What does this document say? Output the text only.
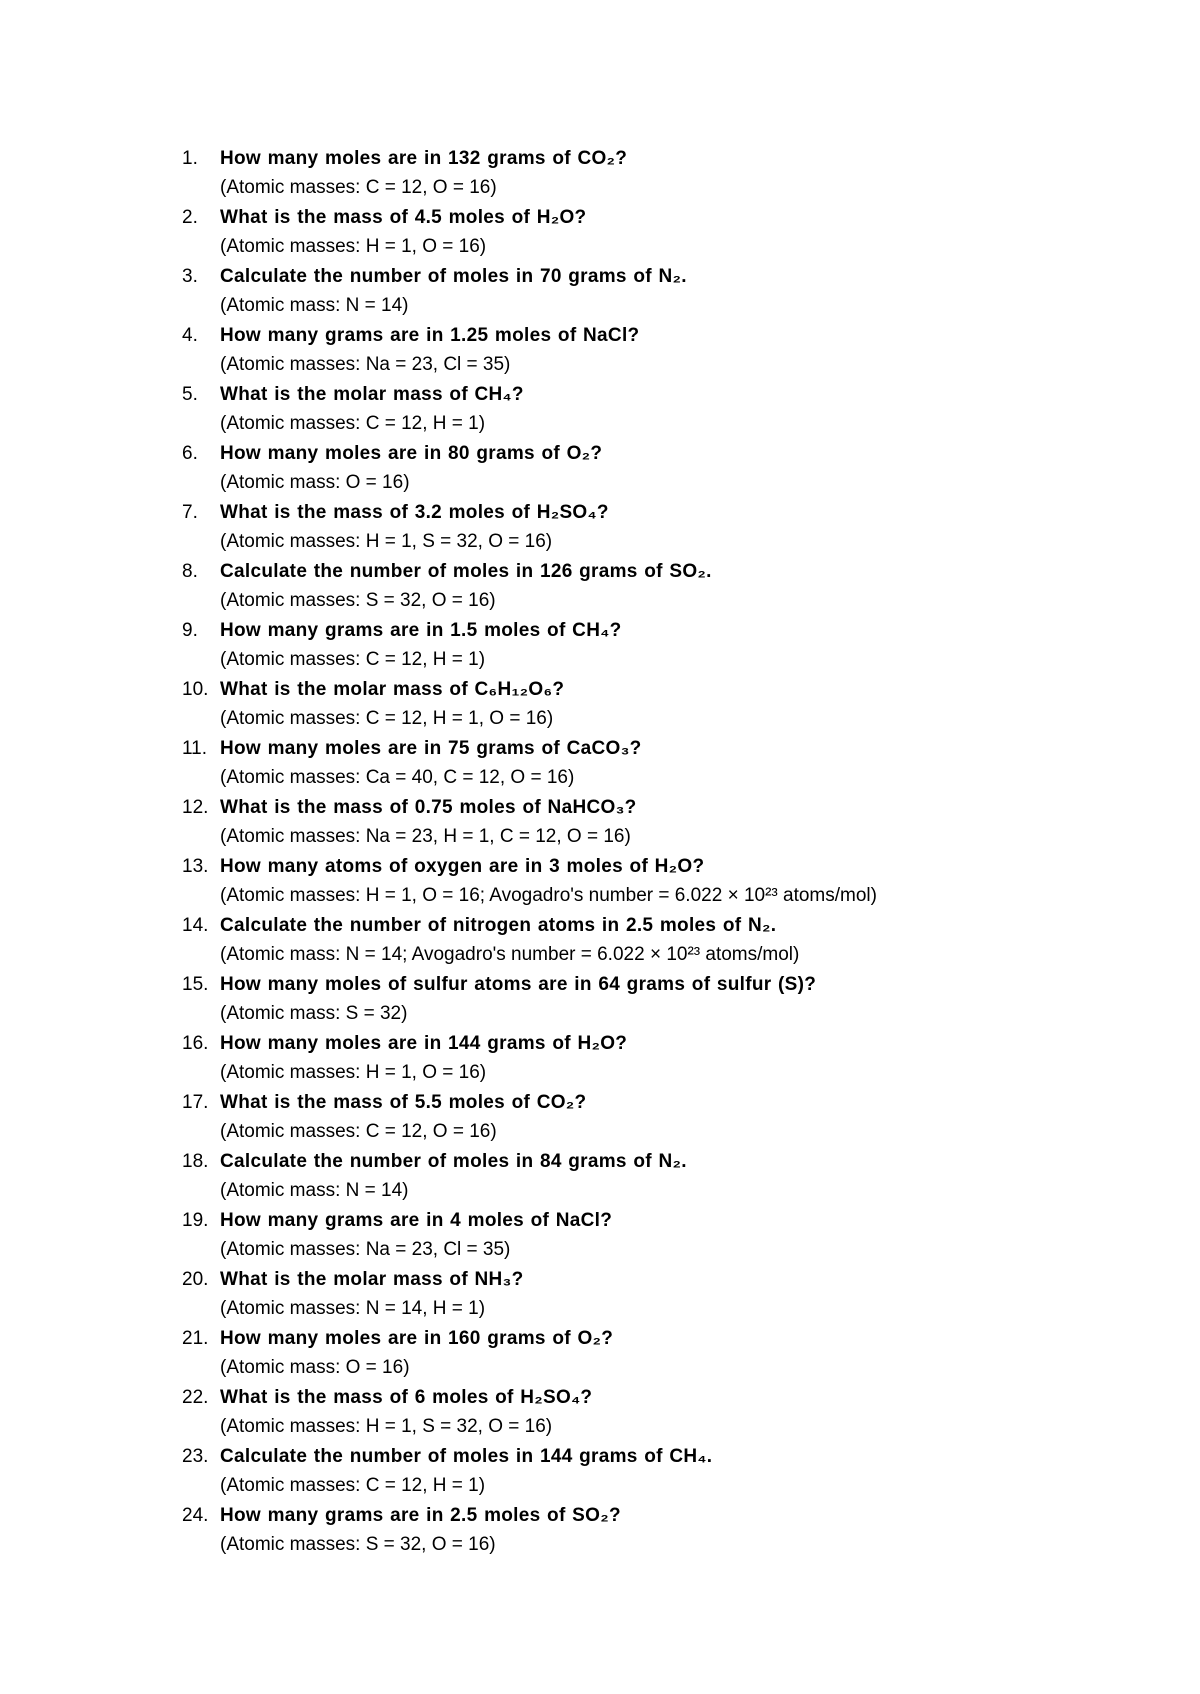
1. How many moles are in 132 grams of CO₂?
(Atomic masses: C = 12, O = 16)
2. What is the mass of 4.5 moles of H₂O?
(Atomic masses: H = 1, O = 16)
3. Calculate the number of moles in 70 grams of N₂.
(Atomic mass: N = 14)
4. How many grams are in 1.25 moles of NaCl?
(Atomic masses: Na = 23, Cl = 35)
5. What is the molar mass of CH₄?
(Atomic masses: C = 12, H = 1)
6. How many moles are in 80 grams of O₂?
(Atomic mass: O = 16)
7. What is the mass of 3.2 moles of H₂SO₄?
(Atomic masses: H = 1, S = 32, O = 16)
8. Calculate the number of moles in 126 grams of SO₂.
(Atomic masses: S = 32, O = 16)
9. How many grams are in 1.5 moles of CH₄?
(Atomic masses: C = 12, H = 1)
10. What is the molar mass of C₆H₁₂O₆?
(Atomic masses: C = 12, H = 1, O = 16)
11. How many moles are in 75 grams of CaCO₃?
(Atomic masses: Ca = 40, C = 12, O = 16)
12. What is the mass of 0.75 moles of NaHCO₃?
(Atomic masses: Na = 23, H = 1, C = 12, O = 16)
13. How many atoms of oxygen are in 3 moles of H₂O?
(Atomic masses: H = 1, O = 16; Avogadro's number = 6.022 × 10²³ atoms/mol)
14. Calculate the number of nitrogen atoms in 2.5 moles of N₂.
(Atomic mass: N = 14; Avogadro's number = 6.022 × 10²³ atoms/mol)
15. How many moles of sulfur atoms are in 64 grams of sulfur (S)?
(Atomic mass: S = 32)
16. How many moles are in 144 grams of H₂O?
(Atomic masses: H = 1, O = 16)
17. What is the mass of 5.5 moles of CO₂?
(Atomic masses: C = 12, O = 16)
18. Calculate the number of moles in 84 grams of N₂.
(Atomic mass: N = 14)
19. How many grams are in 4 moles of NaCl?
(Atomic masses: Na = 23, Cl = 35)
20. What is the molar mass of NH₃?
(Atomic masses: N = 14, H = 1)
21. How many moles are in 160 grams of O₂?
(Atomic mass: O = 16)
22. What is the mass of 6 moles of H₂SO₄?
(Atomic masses: H = 1, S = 32, O = 16)
23. Calculate the number of moles in 144 grams of CH₄.
(Atomic masses: C = 12, H = 1)
24. How many grams are in 2.5 moles of SO₂?
(Atomic masses: S = 32, O = 16)
